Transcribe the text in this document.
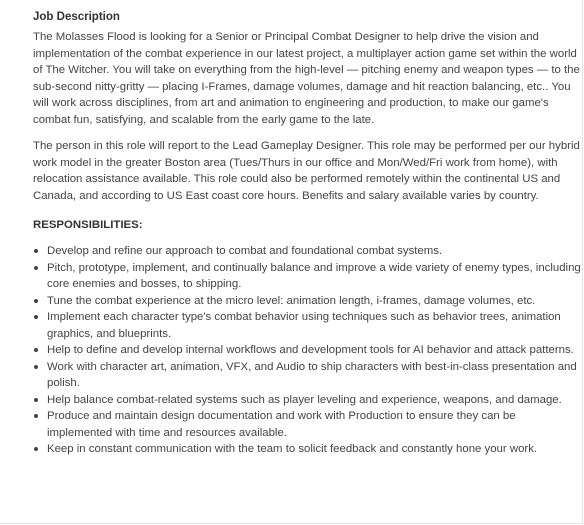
Job Description

The Molasses Flood is looking for a Senior or Principal Combat Designer to help drive the vision and implementation of the combat experience in our latest project, a multiplayer action game set within the world of The Witcher. You will take on everything from the high-level — pitching enemy and weapon types — to the sub-second nitty-gritty — placing I-Frames, damage volumes, damage and hit reaction balancing, etc.. You will work across disciplines, from art and animation to engineering and production, to make our game's combat fun, satisfying, and scalable from the early game to the late.

The person in this role will report to the Lead Gameplay Designer. This role may be performed per our hybrid work model in the greater Boston area (Tues/Thurs in our office and Mon/Wed/Fri work from home), with relocation assistance available. This role could also be performed remotely within the continental US and Canada, and according to US East coast core hours. Benefits and salary available varies by country.

RESPONSIBILITIES:
Develop and refine our approach to combat and foundational combat systems.
Pitch, prototype, implement, and continually balance and improve a wide variety of enemy types, including core enemies and bosses, to shipping.
Tune the combat experience at the micro level: animation length, i-frames, damage volumes, etc.
Implement each character type's combat behavior using techniques such as behavior trees, animation graphics, and blueprints.
Help to define and develop internal workflows and development tools for AI behavior and attack patterns.
Work with character art, animation, VFX, and Audio to ship characters with best-in-class presentation and polish.
Help balance combat-related systems such as player leveling and experience, weapons, and damage.
Produce and maintain design documentation and work with Production to ensure they can be implemented with time and resources available.
Keep in constant communication with the team to solicit feedback and constantly hone your work.
